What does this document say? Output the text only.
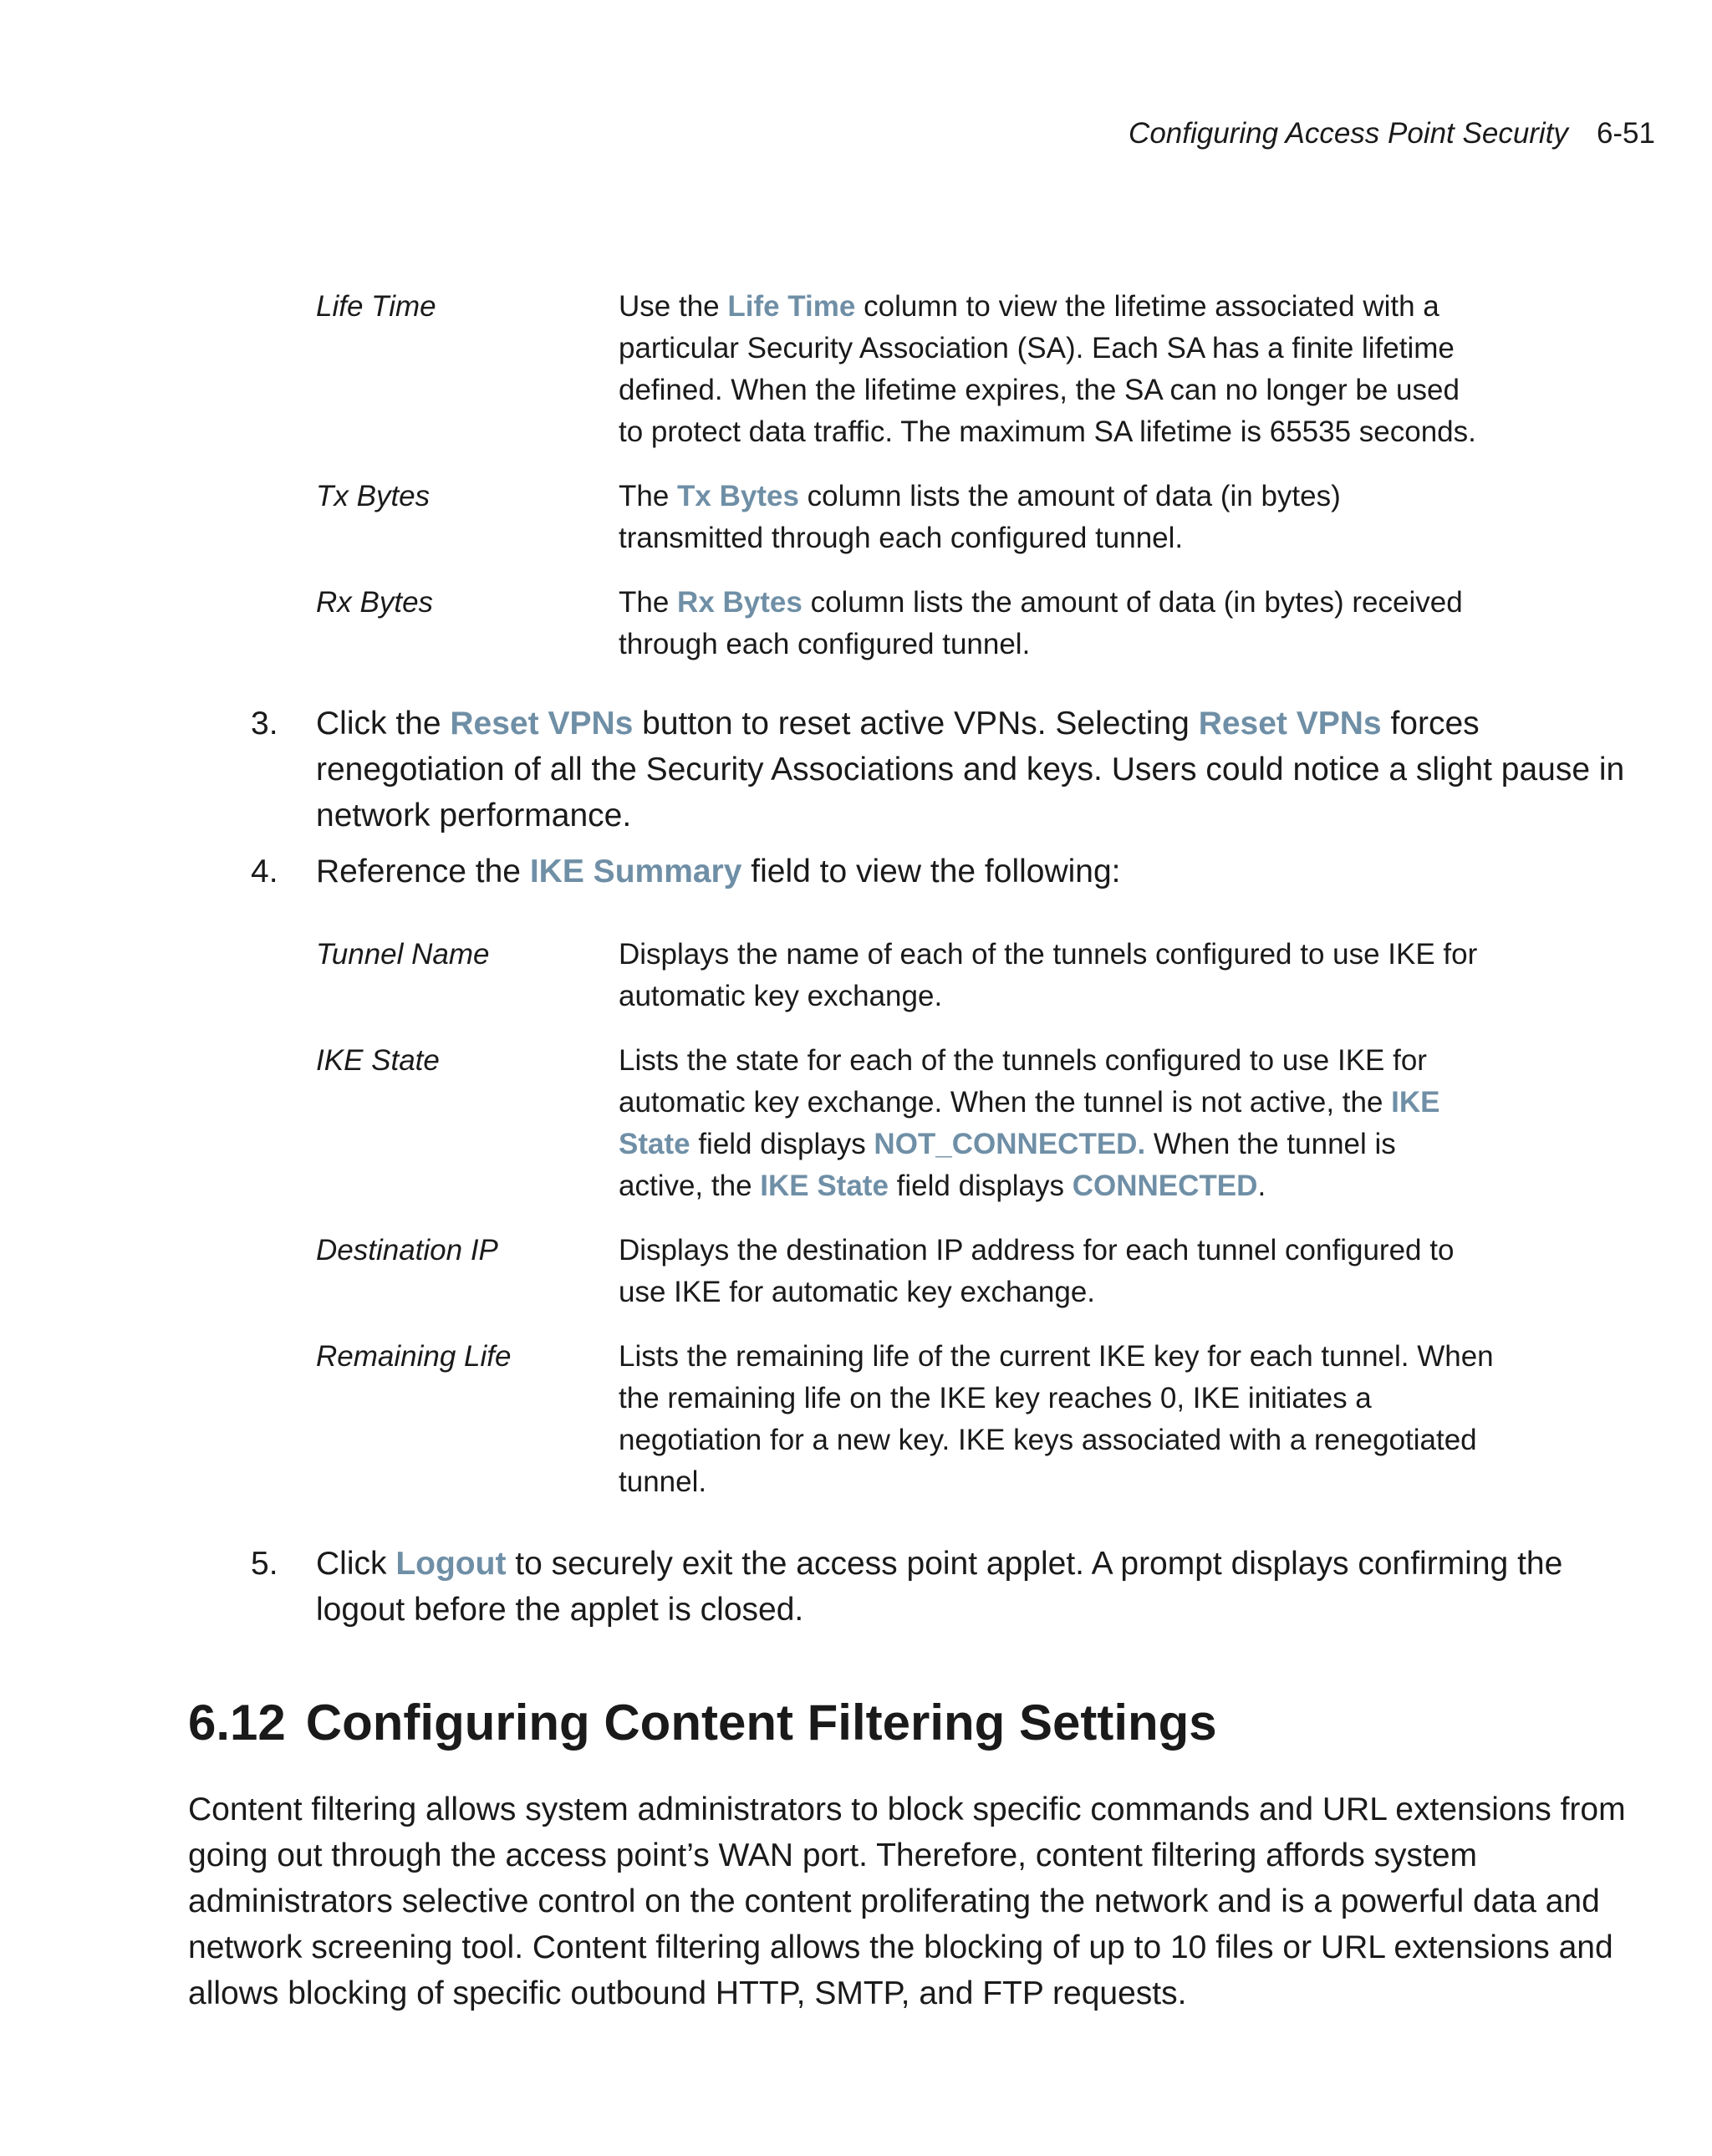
Configuring Access Point Security 6-51
Life Time	Use the Life Time column to view the lifetime associated with a
particular Security Association (SA). Each SA has a finite lifetime
defined. When the lifetime expires, the SA can no longer be used
to protect data traffic. The maximum SA lifetime is 65535 seconds.
Tx Bytes	The Tx Bytes column lists the amount of data (in bytes)
transmitted through each configured tunnel.
Rx Bytes	The Rx Bytes column lists the amount of data (in bytes) received
through each configured tunnel.
3. Click the Reset VPNs button to reset active VPNs. Selecting Reset VPNs forces
renegotiation of all the Security Associations and keys. Users could notice a slight pause in
network performance.
4. Reference the IKE Summary field to view the following:
Tunnel Name	Displays the name of each of the tunnels configured to use IKE for
automatic key exchange.
IKE State	Lists the state for each of the tunnels configured to use IKE for
automatic key exchange. When the tunnel is not active, the IKE
State field displays NOT_CONNECTED. When the tunnel is
active, the IKE State field displays CONNECTED.
Destination IP	Displays the destination IP address for each tunnel configured to
use IKE for automatic key exchange.
Remaining Life	Lists the remaining life of the current IKE key for each tunnel. When
the remaining life on the IKE key reaches 0, IKE initiates a
negotiation for a new key. IKE keys associated with a renegotiated
tunnel.
5. Click Logout to securely exit the access point applet. A prompt displays confirming the
logout before the applet is closed.
6.12 Configuring Content Filtering Settings
Content filtering allows system administrators to block specific commands and URL extensions from
going out through the access point’s WAN port. Therefore, content filtering affords system
administrators selective control on the content proliferating the network and is a powerful data and
network screening tool. Content filtering allows the blocking of up to 10 files or URL extensions and
allows blocking of specific outbound HTTP, SMTP, and FTP requests.
